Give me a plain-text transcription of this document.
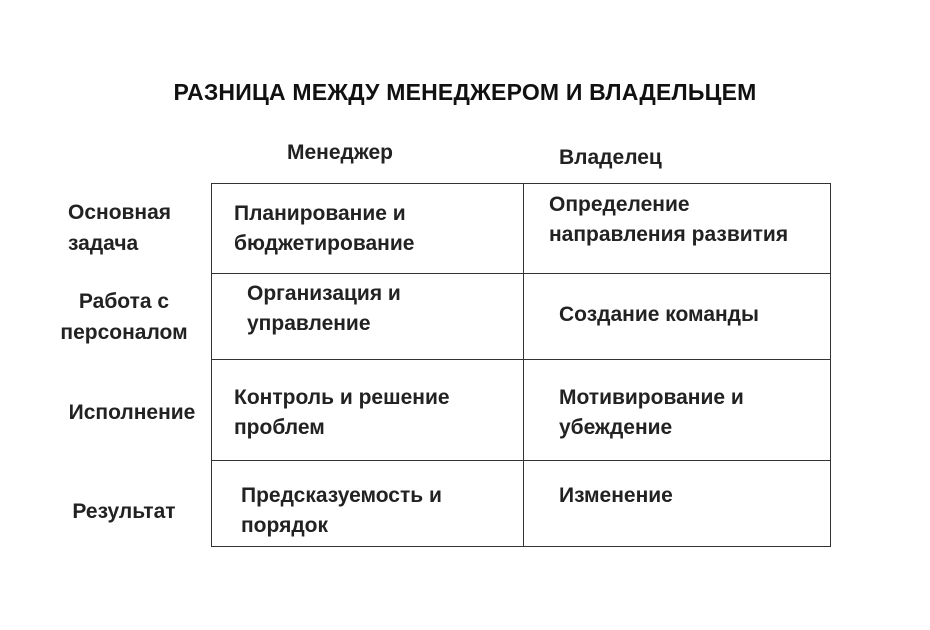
РАЗНИЦА МЕЖДУ МЕНЕДЖЕРОМ И ВЛАДЕЛЬЦЕМ
Менеджер	Владелец
Основная
задача
Планирование и
бюджетирование
Определение
направления развития
Работа с
персоналом
Организация и
управление	Создание команды
Исполнение
Контроль и решение
проблем
Мотивирование и
убеждение
Результат
Предсказуемость и
порядок
Изменение
